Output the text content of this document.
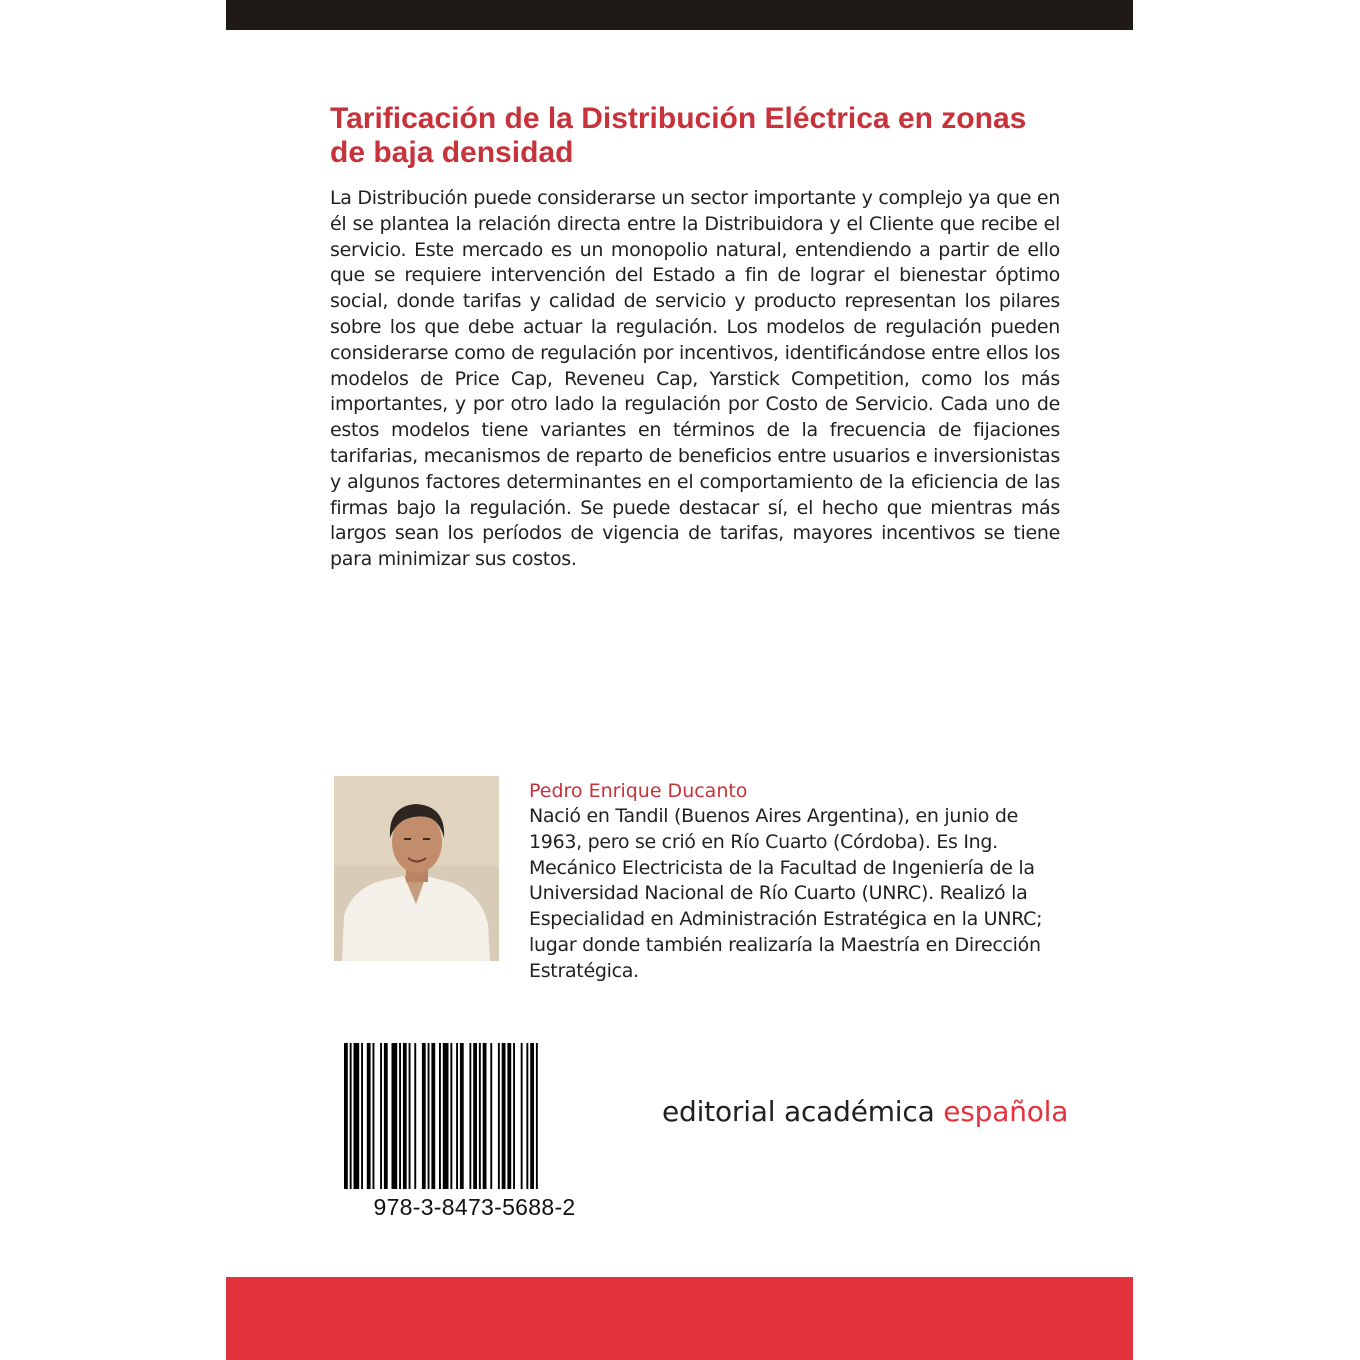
Tarificación de la Distribución Eléctrica en zonas de baja densidad

La Distribución puede considerarse un sector importante y complejo ya que en él se plantea la relación directa entre la Distribuidora y el Cliente que recibe el servicio. Este mercado es un monopolio natural, entendiendo a partir de ello que se requiere intervención del Estado a fin de lograr el bienestar óptimo social, donde tarifas y calidad de servicio y producto representan los pilares sobre los que debe actuar la regulación. Los modelos de regulación pueden considerarse como de regulación por incentivos, identificándose entre ellos los modelos de Price Cap, Reveneu Cap, Yarstick Competition, como los más importantes, y por otro lado la regulación por Costo de Servicio. Cada uno de estos modelos tiene variantes en términos de la frecuencia de fijaciones tarifarias, mecanismos de reparto de beneficios entre usuarios e inversionistas y algunos factores determinantes en el comportamiento de la eficiencia de las firmas bajo la regulación. Se puede destacar sí, el hecho que mientras más largos sean los períodos de vigencia de tarifas, mayores incentivos se tiene para minimizar sus costos.

Pedro Enrique Ducanto

Nació en Tandil (Buenos Aires Argentina), en junio de 1963, pero se crió en Río Cuarto (Córdoba). Es Ing. Mecánico Electricista de la Facultad de Ingeniería de la Universidad Nacional de Río Cuarto (UNRC). Realizó la Especialidad en Administración Estratégica en la UNRC; lugar donde también realizaría la Maestría en Dirección Estratégica.

978-3-8473-5688-2

editorial académica española
